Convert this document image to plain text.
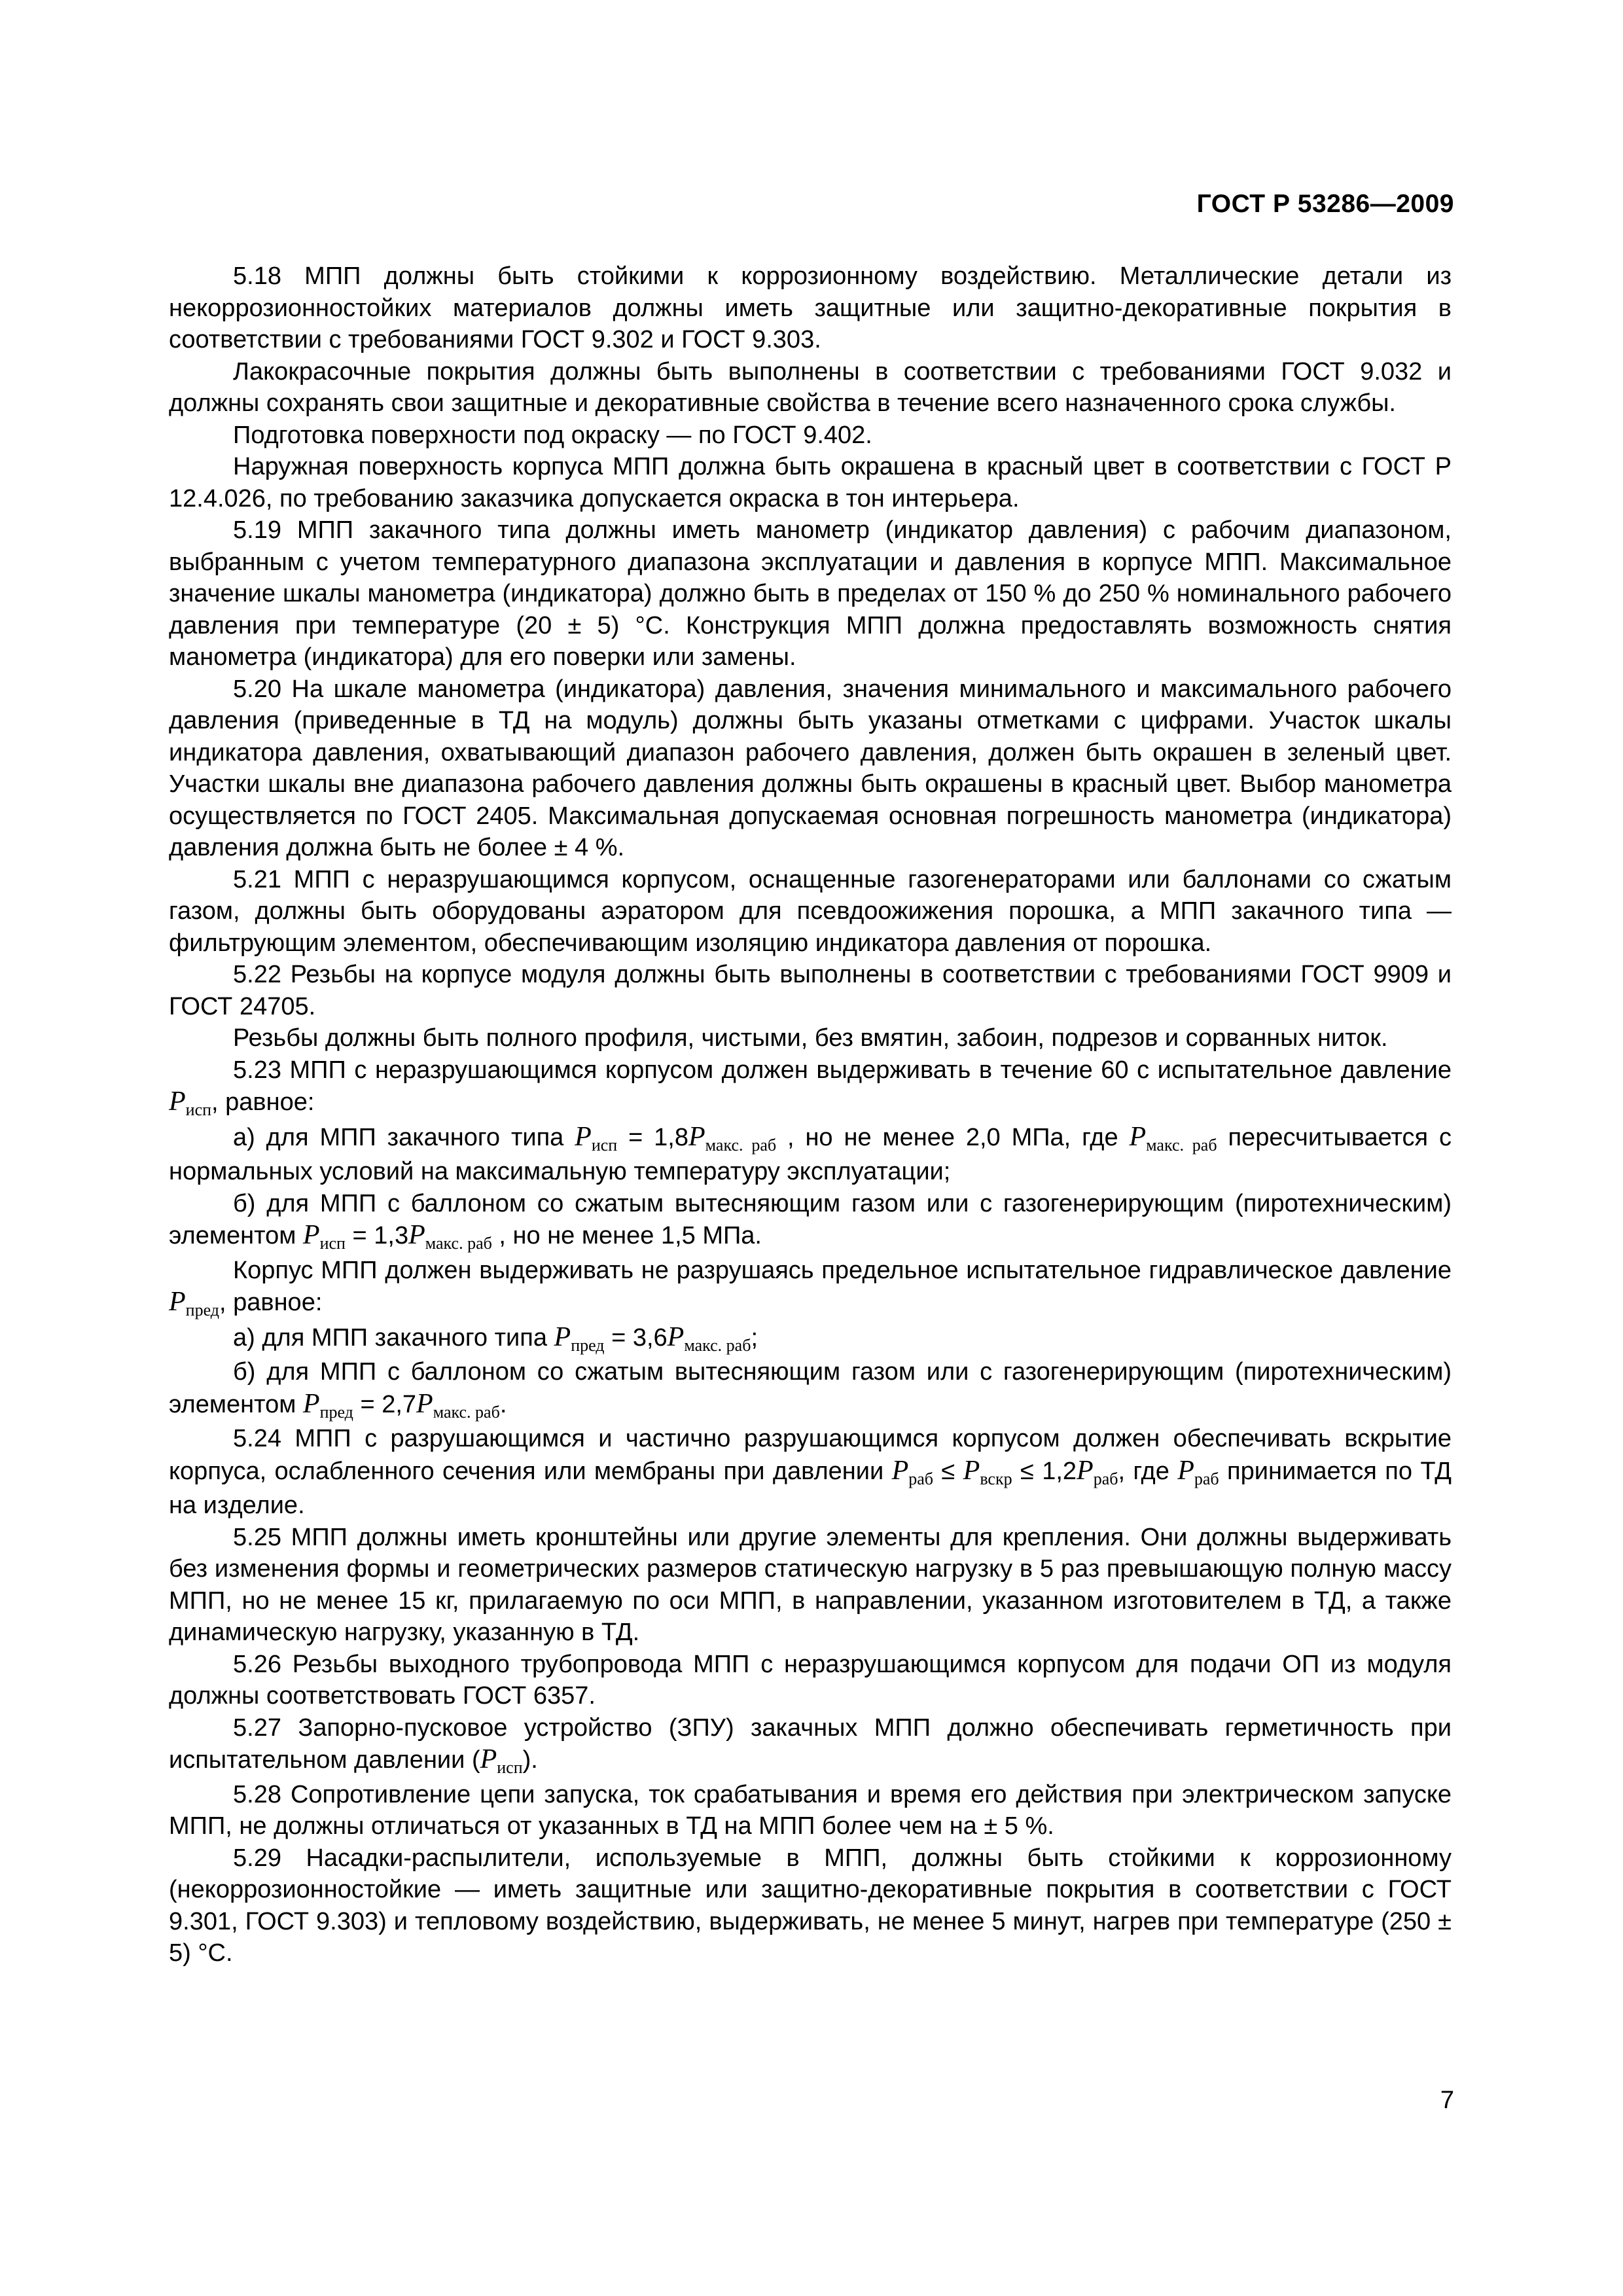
ГОСТ Р 53286—2009

5.18 МПП должны быть стойкими к коррозионному воздействию. Металлические детали из некоррозионностойких материалов должны иметь защитные или защитно-декоративные покрытия в соответствии с требованиями ГОСТ 9.302 и ГОСТ 9.303.

Лакокрасочные покрытия должны быть выполнены в соответствии с требованиями ГОСТ 9.032 и должны сохранять свои защитные и декоративные свойства в течение всего назначенного срока службы.

Подготовка поверхности под окраску — по ГОСТ 9.402.

Наружная поверхность корпуса МПП должна быть окрашена в красный цвет в соответствии с ГОСТ Р 12.4.026, по требованию заказчика допускается окраска в тон интерьера.

5.19 МПП закачного типа должны иметь манометр (индикатор давления) с рабочим диапазоном, выбранным с учетом температурного диапазона эксплуатации и давления в корпусе МПП. Максимальное значение шкалы манометра (индикатора) должно быть в пределах от 150 % до 250 % номинального рабочего давления при температуре (20 ± 5) °С. Конструкция МПП должна предоставлять возможность снятия манометра (индикатора) для его поверки или замены.

5.20 На шкале манометра (индикатора) давления, значения минимального и максимального рабочего давления (приведенные в ТД на модуль) должны быть указаны отметками с цифрами. Участок шкалы индикатора давления, охватывающий диапазон рабочего давления, должен быть окрашен в зеленый цвет. Участки шкалы вне диапазона рабочего давления должны быть окрашены в красный цвет. Выбор манометра осуществляется по ГОСТ 2405. Максимальная допускаемая основная погрешность манометра (индикатора) давления должна быть не более ± 4 %.

5.21 МПП с неразрушающимся корпусом, оснащенные газогенераторами или баллонами со сжатым газом, должны быть оборудованы аэратором для псевдоожижения порошка, а МПП закачного типа — фильтрующим элементом, обеспечивающим изоляцию индикатора давления от порошка.

5.22 Резьбы на корпусе модуля должны быть выполнены в соответствии с требованиями ГОСТ 9909 и ГОСТ 24705.

Резьбы должны быть полного профиля, чистыми, без вмятин, забоин, подрезов и сорванных ниток.

5.23 МПП с неразрушающимся корпусом должен выдерживать в течение 60 с испытательное давление $P_{исп}$, равное:

а) для МПП закачного типа $P_{исп} = 1,8P_{макс. раб}$ , но не менее 2,0 МПа, где $P_{макс. раб}$ пересчитывается с нормальных условий на максимальную температуру эксплуатации;

б) для МПП с баллоном со сжатым вытесняющим газом или с газогенерирующим (пиротехническим) элементом $P_{исп} = 1,3P_{макс. раб}$ , но не менее 1,5 МПа.

Корпус МПП должен выдерживать не разрушаясь предельное испытательное гидравлическое давление $P_{пред}$, равное:

а) для МПП закачного типа $P_{пред} = 3,6P_{макс. раб}$;

б) для МПП с баллоном со сжатым вытесняющим газом или с газогенерирующим (пиротехническим) элементом $P_{пред} = 2,7P_{макс. раб}$.

5.24 МПП с разрушающимся и частично разрушающимся корпусом должен обеспечивать вскрытие корпуса, ослабленного сечения или мембраны при давлении $P_{раб} \le P_{вскр} \le 1,2P_{раб}$, где $P_{раб}$ принимается по ТД на изделие.

5.25 МПП должны иметь кронштейны или другие элементы для крепления. Они должны выдерживать без изменения формы и геометрических размеров статическую нагрузку в 5 раз превышающую полную массу МПП, но не менее 15 кг, прилагаемую по оси МПП, в направлении, указанном изготовителем в ТД, а также динамическую нагрузку, указанную в ТД.

5.26 Резьбы выходного трубопровода МПП с неразрушающимся корпусом для подачи ОП из модуля должны соответствовать ГОСТ 6357.

5.27 Запорно-пусковое устройство (ЗПУ) закачных МПП должно обеспечивать герметичность при испытательном давлении $(P_{исп})$.

5.28 Сопротивление цепи запуска, ток срабатывания и время его действия при электрическом запуске МПП, не должны отличаться от указанных в ТД на МПП более чем на ± 5 %.

5.29 Насадки-распылители, используемые в МПП, должны быть стойкими к коррозионному (некоррозионностойкие — иметь защитные или защитно-декоративные покрытия в соответствии с ГОСТ 9.301, ГОСТ 9.303) и тепловому воздействию, выдерживать, не менее 5 минут, нагрев при температуре (250 ± 5) °С.

7
